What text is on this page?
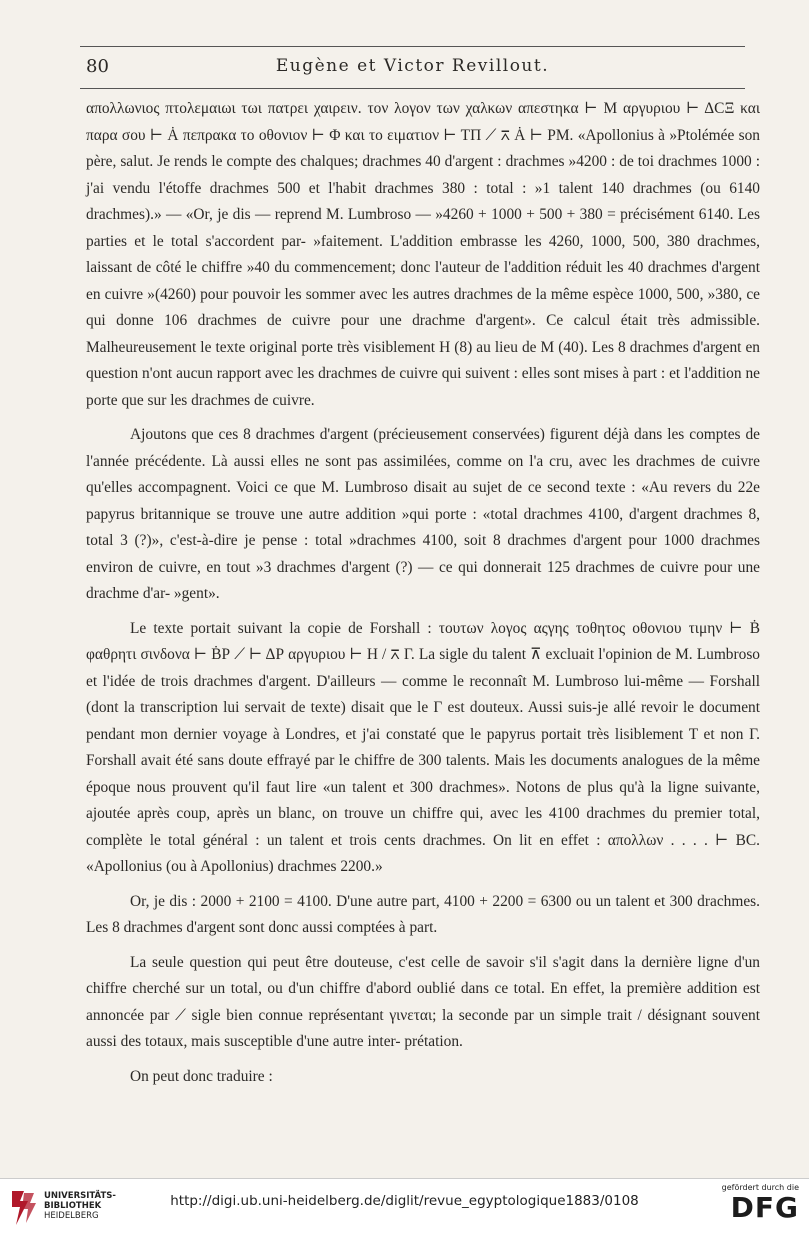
80	Eugène et Victor Revillout.

απολλωνιος πτολεμαιωι τωι πατρει χαιρειν. τον λογον των χαλκων απεστηκα ⊢ Μ αργυριου ⊢ ΔCΞ και παρα σου ⊢ Ȧ πεπρακα το οθονιον ⊢ Φ και το ειματιον ⊢ ΤΠ ⟋ ⊼ Ȧ ⊢ ΡΜ. «Apollonius à »Ptolémée son père, salut. Je rends le compte des chalques; drachmes 40 d'argent : drachmes »4200 : de toi drachmes 1000 : j'ai vendu l'étoffe drachmes 500 et l'habit drachmes 380 : total : »1 talent 140 drachmes (ou 6140 drachmes).» — «Or, je dis — reprend M. Lumbroso — »4260 + 1000 + 500 + 380 = précisément 6140. Les parties et le total s'accordent par- »faitement. L'addition embrasse les 4260, 1000, 500, 380 drachmes, laissant de côté le chiffre »40 du commencement; donc l'auteur de l'addition réduit les 40 drachmes d'argent en cuivre »(4260) pour pouvoir les sommer avec les autres drachmes de la même espèce 1000, 500, »380, ce qui donne 106 drachmes de cuivre pour une drachme d'argent». Ce calcul était très admissible. Malheureusement le texte original porte très visiblement H (8) au lieu de M (40). Les 8 drachmes d'argent en question n'ont aucun rapport avec les drachmes de cuivre qui suivent : elles sont mises à part : et l'addition ne porte que sur les drachmes de cuivre.

Ajoutons que ces 8 drachmes d'argent (précieusement conservées) figurent déjà dans les comptes de l'année précédente. Là aussi elles ne sont pas assimilées, comme on l'a cru, avec les drachmes de cuivre qu'elles accompagnent. Voici ce que M. Lumbroso disait au sujet de ce second texte : «Au revers du 22e papyrus britannique se trouve une autre addition »qui porte : «total drachmes 4100, d'argent drachmes 8, total 3 (?)», c'est-à-dire je pense : total »drachmes 4100, soit 8 drachmes d'argent pour 1000 drachmes environ de cuivre, en tout »3 drachmes d'argent (?) — ce qui donnerait 125 drachmes de cuivre pour une drachme d'ar- »gent».

Le texte portait suivant la copie de Forshall : τουτων λογος αςγης τοθητος οθονιου τιμην ⊢ Ḃ φαθρητι σινδονα ⊢ ḂΡ ⟋ ⊢ ΔΡ αργυριου ⊢ Η / ⊼ Γ. La sigle du talent ⊼ excluait l'opinion de M. Lumbroso et l'idée de trois drachmes d'argent. D'ailleurs — comme le reconnaît M. Lumbroso lui-même — Forshall (dont la transcription lui servait de texte) disait que le Γ est douteux. Aussi suis-je allé revoir le document pendant mon dernier voyage à Londres, et j'ai constaté que le papyrus portait très lisiblement T et non Γ. Forshall avait été sans doute effrayé par le chiffre de 300 talents. Mais les documents analogues de la même époque nous prouvent qu'il faut lire «un talent et 300 drachmes». Notons de plus qu'à la ligne suivante, ajoutée après coup, après un blanc, on trouve un chiffre qui, avec les 4100 drachmes du premier total, complète le total général : un talent et trois cents drachmes. On lit en effet : απολλων . . . . ⊢ ВС. «Apollonius (ou à Apollonius) drachmes 2200.»

Or, je dis : 2000 + 2100 = 4100. D'une autre part, 4100 + 2200 = 6300 ou un talent et 300 drachmes. Les 8 drachmes d'argent sont donc aussi comptées à part.

La seule question qui peut être douteuse, c'est celle de savoir s'il s'agit dans la dernière ligne d'un chiffre cherché sur un total, ou d'un chiffre d'abord oublié dans ce total. En effet, la première addition est annoncée par ⟋ sigle bien connue représentant γινεται; la seconde par un simple trait / désignant souvent aussi des totaux, mais susceptible d'une autre inter- prétation.

On peut donc traduire :

UNIVERSITÄTS-
BIBLIOTHEK
HEIDELBERG
http://digi.ub.uni-heidelberg.de/diglit/revue_egyptologique1883/0108
gefördert durch die
DFG
